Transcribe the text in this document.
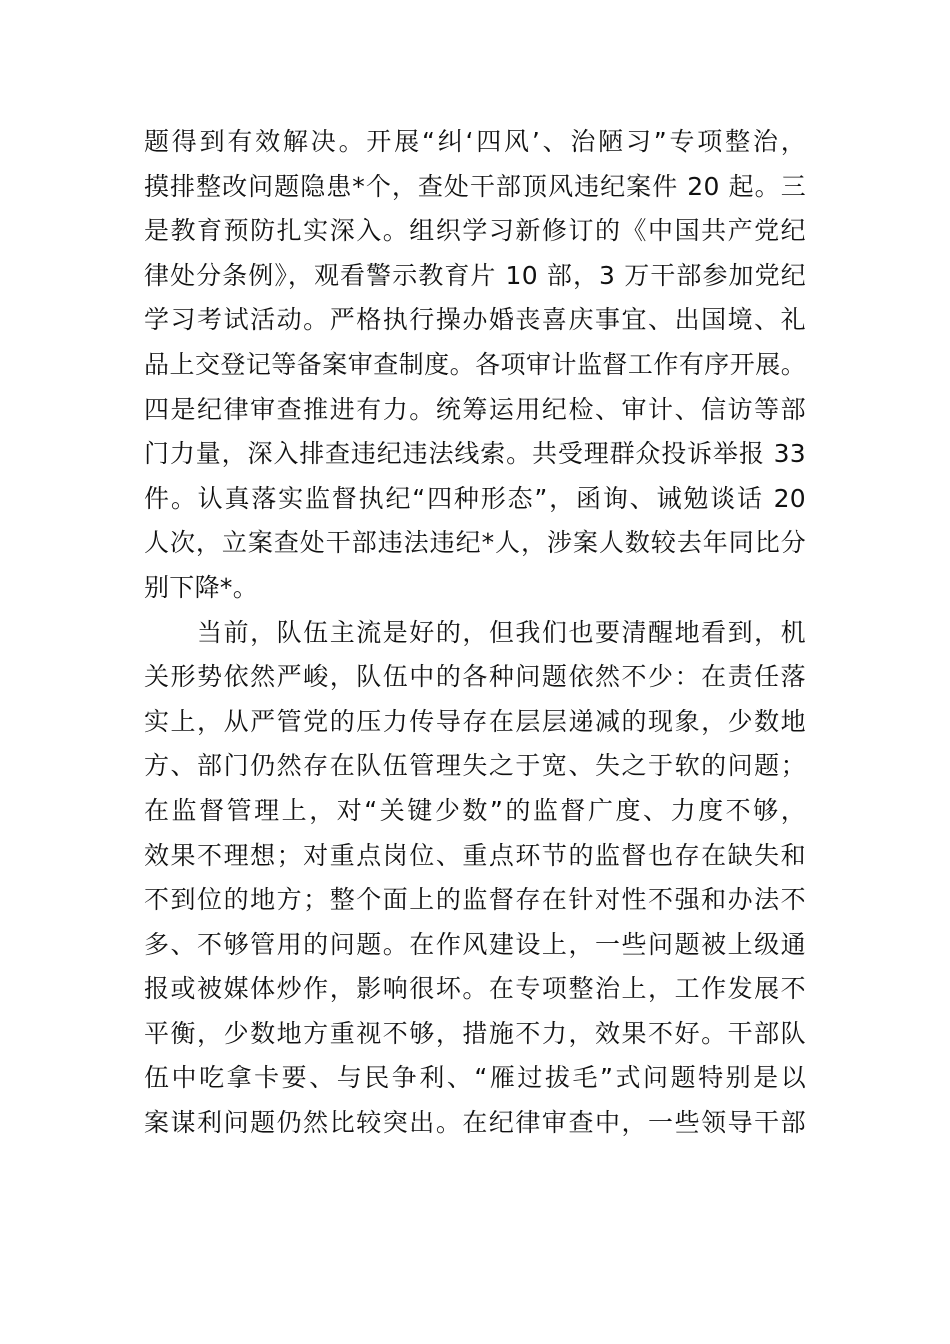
题得到有效解决。开展“纠‘四风’、治陋习”专项整治，
摸排整改问题隐患*个，查处干部顶风违纪案件 20 起。三
是教育预防扎实深入。组织学习新修订的《中国共产党纪
律处分条例》，观看警示教育片 10 部，3 万干部参加党纪
学习考试活动。严格执行操办婚丧喜庆事宜、出国境、礼
品上交登记等备案审查制度。各项审计监督工作有序开展。
四是纪律审查推进有力。统筹运用纪检、审计、信访等部
门力量，深入排查违纪违法线索。共受理群众投诉举报 33
件。认真落实监督执纪“四种形态”，函询、诫勉谈话 20
人次，立案查处干部违法违纪*人，涉案人数较去年同比分
别下降*。
　　当前，队伍主流是好的，但我们也要清醒地看到，机
关形势依然严峻，队伍中的各种问题依然不少：在责任落
实上，从严管党的压力传导存在层层递减的现象，少数地
方、部门仍然存在队伍管理失之于宽、失之于软的问题；
在监督管理上，对“关键少数”的监督广度、力度不够，
效果不理想；对重点岗位、重点环节的监督也存在缺失和
不到位的地方；整个面上的监督存在针对性不强和办法不
多、不够管用的问题。在作风建设上，一些问题被上级通
报或被媒体炒作，影响很坏。在专项整治上，工作发展不
平衡，少数地方重视不够，措施不力，效果不好。干部队
伍中吃拿卡要、与民争利、“雁过拔毛”式问题特别是以
案谋利问题仍然比较突出。在纪律审查中，一些领导干部
